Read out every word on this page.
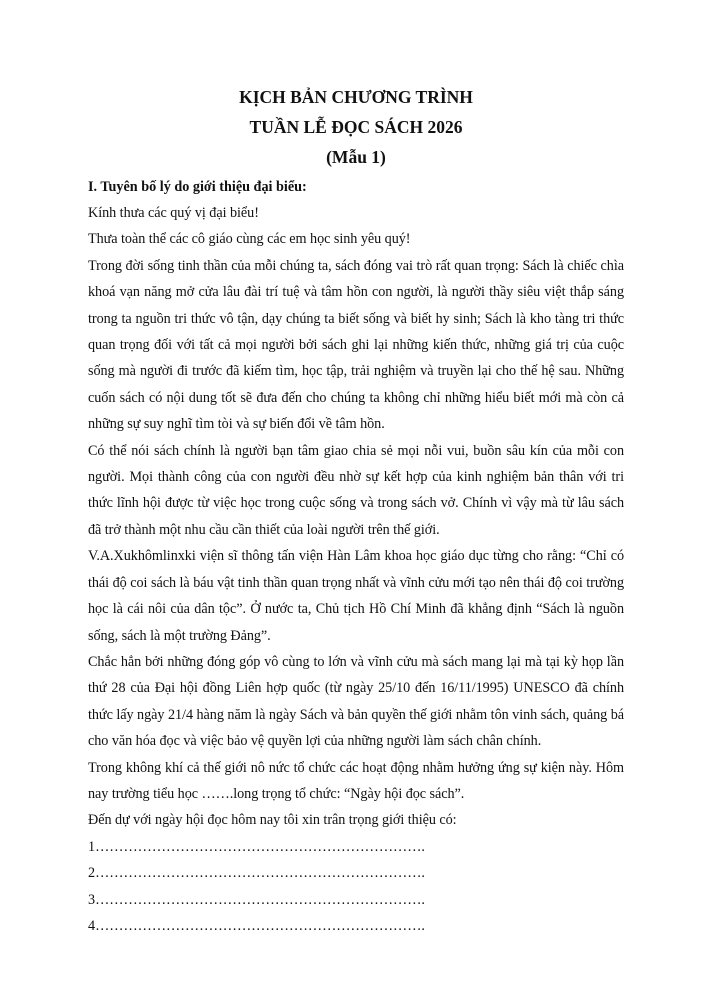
KỊCH BẢN CHƯƠNG TRÌNH

TUẦN LỄ ĐỌC SÁCH 2026

(Mẫu 1)

I. Tuyên bố lý do giới thiệu đại biểu:

Kính thưa các quý vị đại biểu!

Thưa toàn thể các cô giáo cùng các em học sinh yêu quý!

Trong đời sống tinh thần của mỗi chúng ta, sách đóng vai trò rất quan trọng: Sách là chiếc chìa khoá vạn năng mở cửa lâu đài trí tuệ và tâm hồn con người, là người thầy siêu việt thắp sáng trong ta nguồn tri thức vô tận, dạy chúng ta biết sống và biết hy sinh; Sách là kho tàng tri thức quan trọng đối với tất cả mọi người bởi sách ghi lại những kiến thức, những giá trị của cuộc sống mà người đi trước đã kiếm tìm, học tập, trải nghiệm và truyền lại cho thế hệ sau. Những cuốn sách có nội dung tốt sẽ đưa đến cho chúng ta không chỉ những hiểu biết mới mà còn cả những sự suy nghĩ tìm tòi và sự biến đổi về tâm hồn.

Có thể nói sách chính là người bạn tâm giao chia sẻ mọi nỗi vui, buồn sâu kín của mỗi con người. Mọi thành công của con người đều nhờ sự kết hợp của kinh nghiệm bản thân với tri thức lĩnh hội được từ việc học trong cuộc sống và trong sách vở. Chính vì vậy mà từ lâu sách đã trở thành một nhu cầu cần thiết của loài người trên thế giới.

V.A.Xukhômlinxki viện sĩ thông tấn viện Hàn Lâm khoa học giáo dục từng cho rằng: “Chỉ có thái độ coi sách là báu vật tinh thần quan trọng nhất và vĩnh cửu mới tạo nên thái độ coi trường học là cái nôi của dân tộc”. Ở nước ta, Chủ tịch Hồ Chí Minh đã khẳng định “Sách là nguồn sống, sách là một trường Đảng”.

Chắc hẳn bởi những đóng góp vô cùng to lớn và vĩnh cửu mà sách mang lại mà tại kỳ họp lần thứ 28 của Đại hội đồng Liên hợp quốc (từ ngày 25/10 đến 16/11/1995) UNESCO đã chính thức lấy ngày 21/4 hàng năm là ngày Sách và bản quyền thế giới nhằm tôn vinh sách, quảng bá cho văn hóa đọc và việc bảo vệ quyền lợi của những người làm sách chân chính.

Trong không khí cả thế giới nô nức tổ chức các hoạt động nhằm hưởng ứng sự kiện này. Hôm nay trường tiểu học …….long trọng tổ chức: “Ngày hội đọc sách”.

Đến dự với ngày hội đọc hôm nay tôi xin trân trọng giới thiệu có:

1…………………………………………………………….

2…………………………………………………………….

3…………………………………………………………….

4…………………………………………………………….
